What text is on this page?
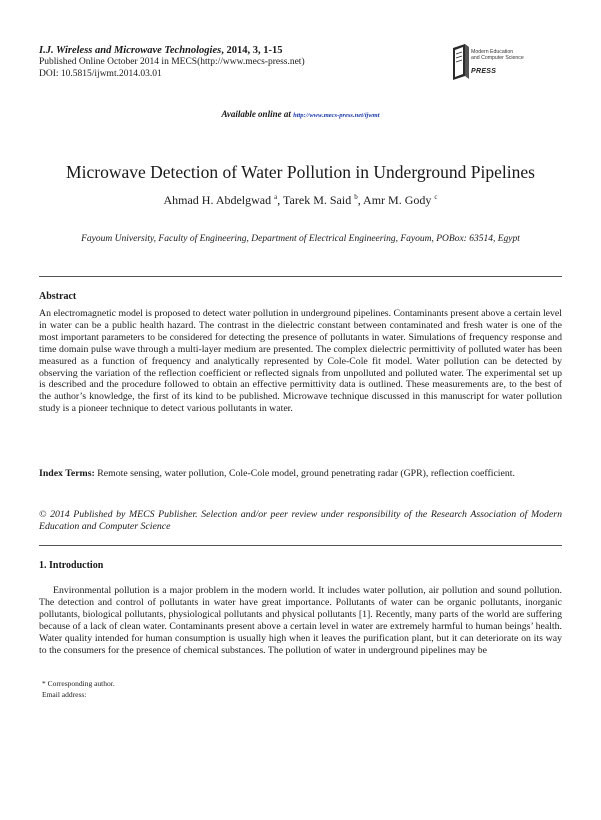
I.J. Wireless and Microwave Technologies, 2014, 3, 1-15
Published Online October 2014 in MECS(http://www.mecs-press.net)
DOI: 10.5815/ijwmt.2014.03.01
Modern Education
and Computer Science
PRESS
Available online at http://www.mecs-press.net/ijwmt
Microwave Detection of Water Pollution in Underground Pipelines
Ahmad H. Abdelgwad $^a$, Tarek M. Said $^b$, Amr M. Gody $^c$
Fayoum University, Faculty of Engineering, Department of Electrical Engineering, Fayoum, POBox: 63514, Egypt
Abstract
An electromagnetic model is proposed to detect water pollution in underground pipelines. Contaminants present above a certain level in water can be a public health hazard. The contrast in the dielectric constant between contaminated and fresh water is one of the most important parameters to be considered for detecting the presence of pollutants in water. Simulations of frequency response and time domain pulse wave through a multi-layer medium are presented. The complex dielectric permittivity of polluted water has been measured as a function of frequency and analytically represented by Cole-Cole fit model. Water pollution can be detected by observing the variation of the reflection coefficient or reflected signals from unpolluted and polluted water. The experimental set up is described and the procedure followed to obtain an effective permittivity data is outlined. These measurements are, to the best of the author’s knowledge, the first of its kind to be published. Microwave technique discussed in this manuscript for water pollution study is a pioneer technique to detect various pollutants in water.
Index Terms: Remote sensing, water pollution, Cole-Cole model, ground penetrating radar (GPR), reflection coefficient.
© 2014 Published by MECS Publisher. Selection and/or peer review under responsibility of the Research Association of Modern Education and Computer Science
1. Introduction
Environmental pollution is a major problem in the modern world. It includes water pollution, air pollution and sound pollution. The detection and control of pollutants in water have great importance. Pollutants of water can be organic pollutants, inorganic pollutants, biological pollutants, physiological pollutants and physical pollutants [1]. Recently, many parts of the world are suffering because of a lack of clean water. Contaminants present above a certain level in water are extremely harmful to human beings’ health. Water quality intended for human consumption is usually high when it leaves the purification plant, but it can deteriorate on its way to the consumers for the presence of chemical substances. The pollution of water in underground pipelines may be
* Corresponding author.
Email address:
